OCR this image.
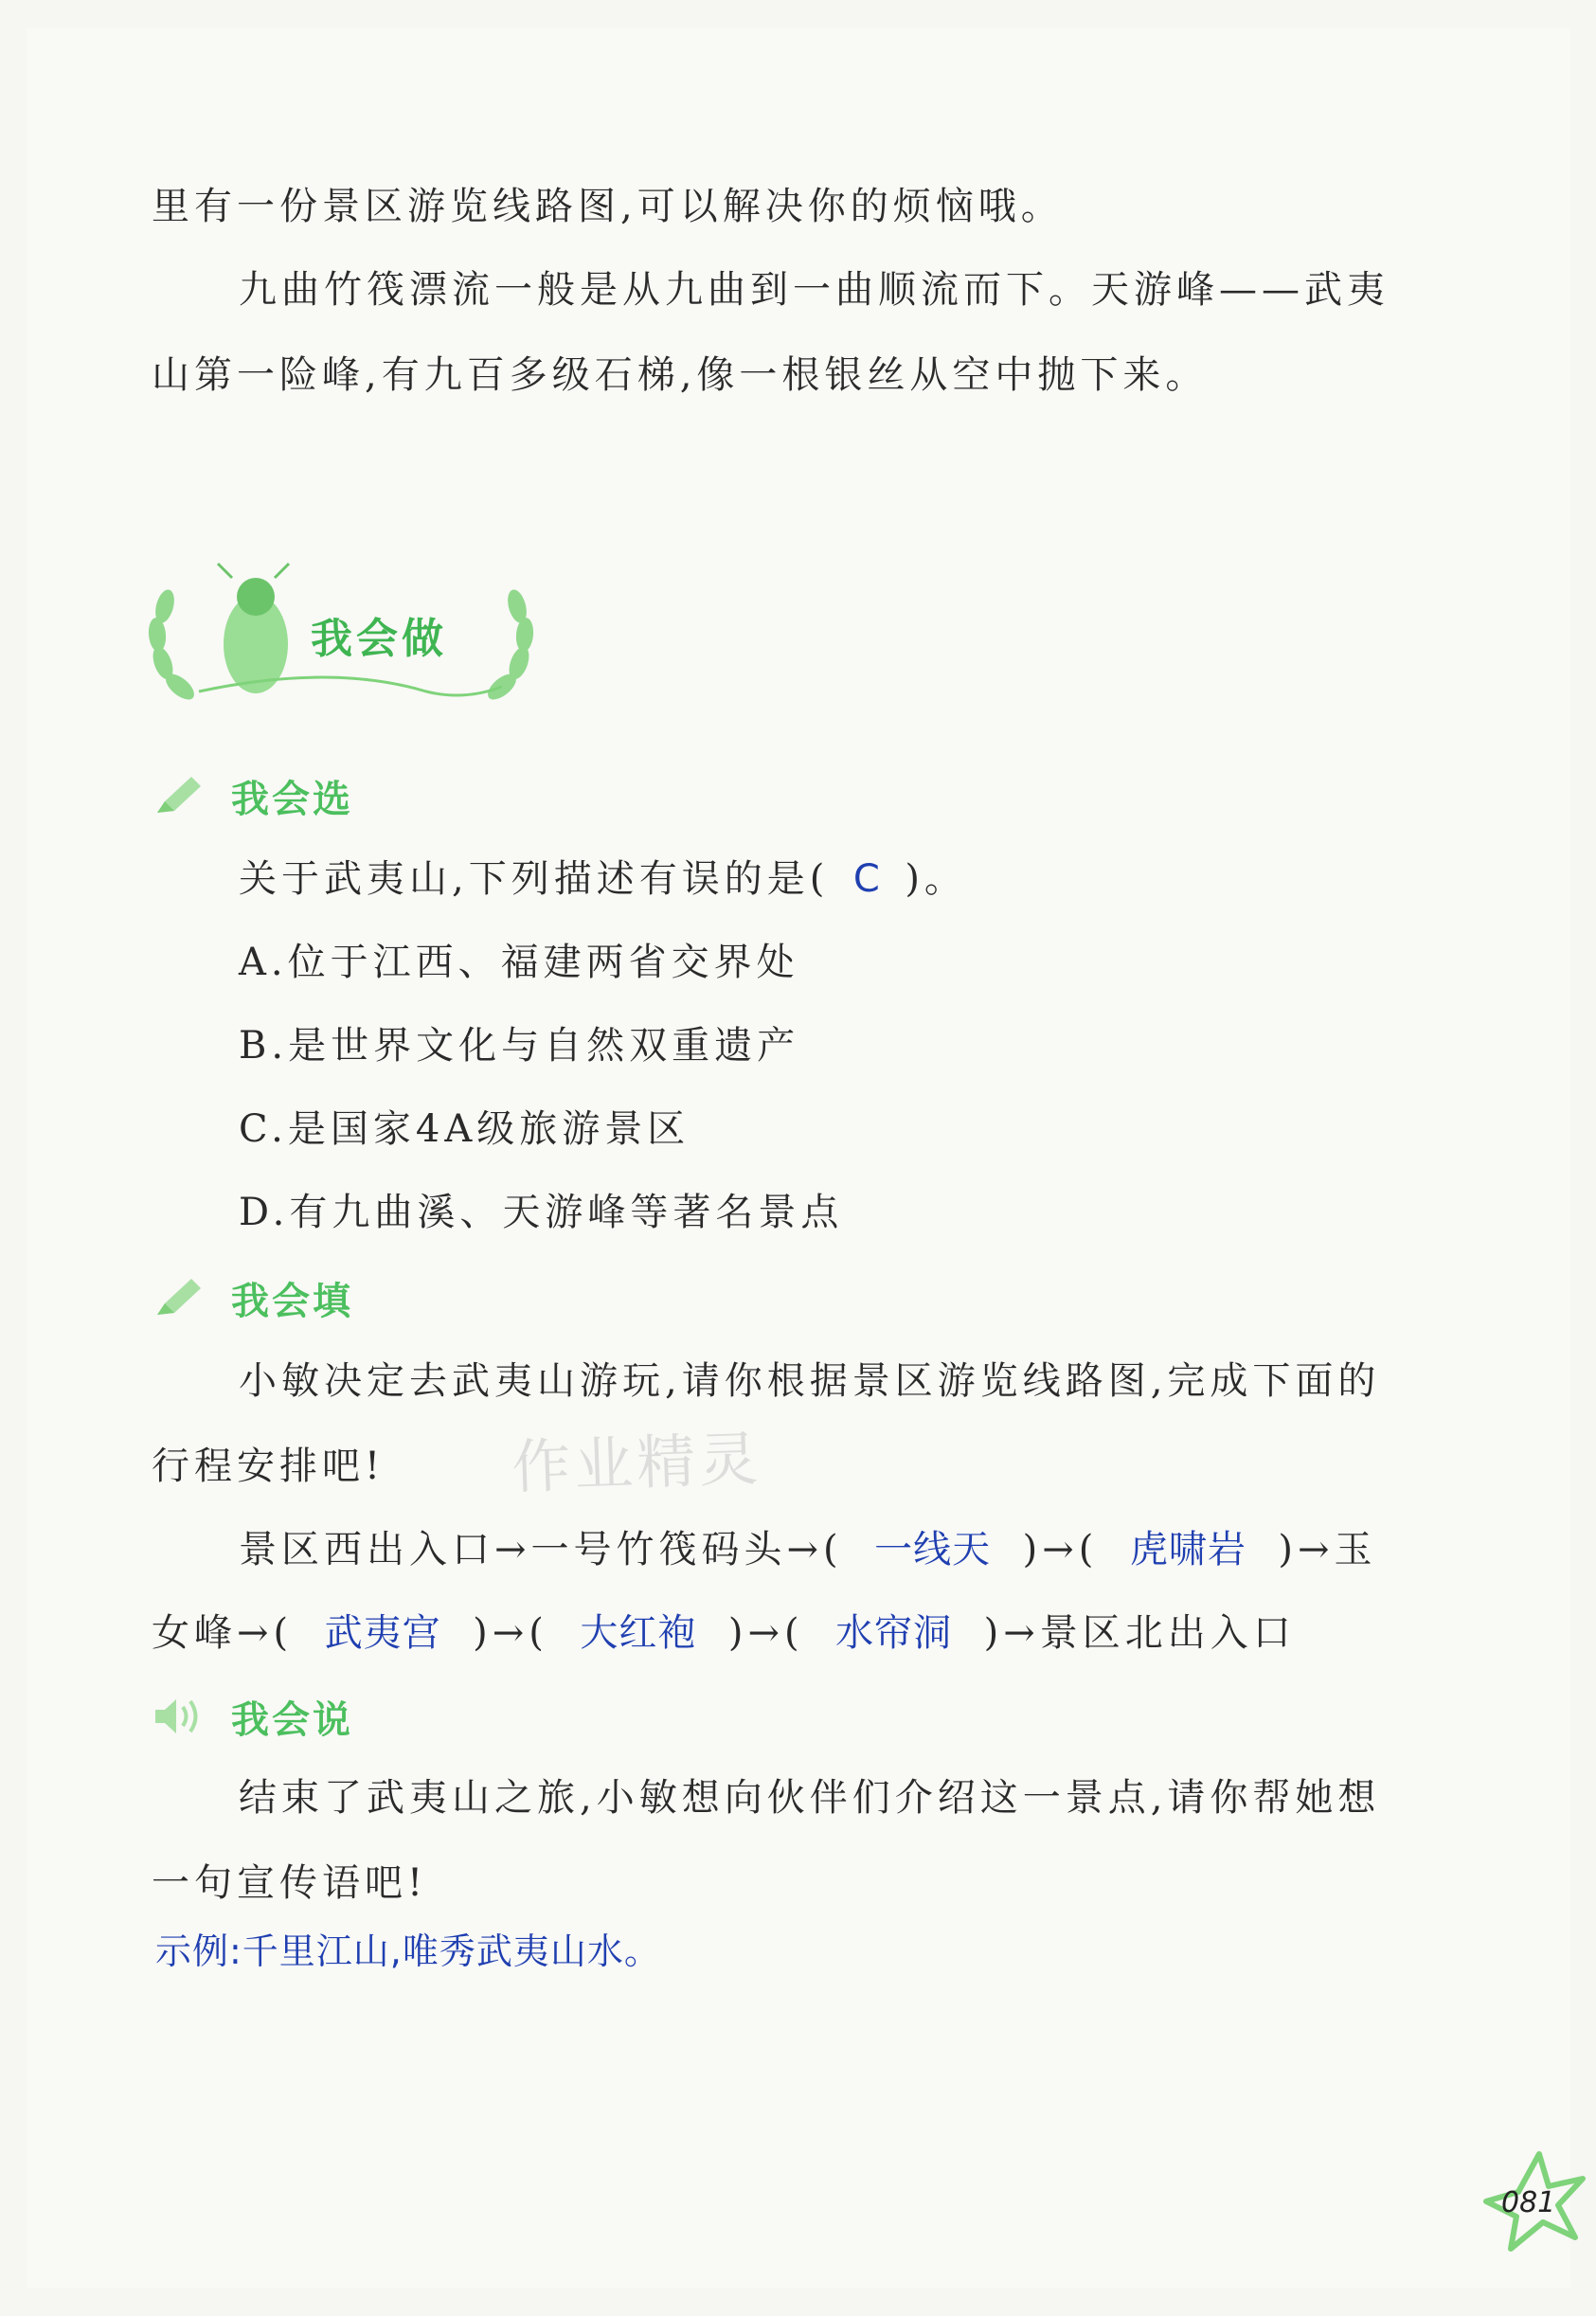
里有一份景区游览线路图,可以解决你的烦恼哦。
九曲竹筏漂流一般是从九曲到一曲顺流而下。天游峰——武夷
山第一险峰,有九百多级石梯,像一根银丝从空中抛下来。
我会做
我会选
关于武夷山,下列描述有误的是( C )。
A.位于江西、福建两省交界处
B.是世界文化与自然双重遗产
C.是国家4A级旅游景区
D.有九曲溪、天游峰等著名景点
我会填
小敏决定去武夷山游玩,请你根据景区游览线路图,完成下面的
行程安排吧! 作业精灵
景区西出入口→一号竹筏码头→( 一线天 )→( 虎啸岩 )→玉
女峰→( 武夷宫 )→( 大红袍 )→( 水帘洞 )→景区北出入口
我会说
结束了武夷山之旅,小敏想向伙伴们介绍这一景点,请你帮她想
一句宣传语吧!
示例:千里江山,唯秀武夷山水。
081
